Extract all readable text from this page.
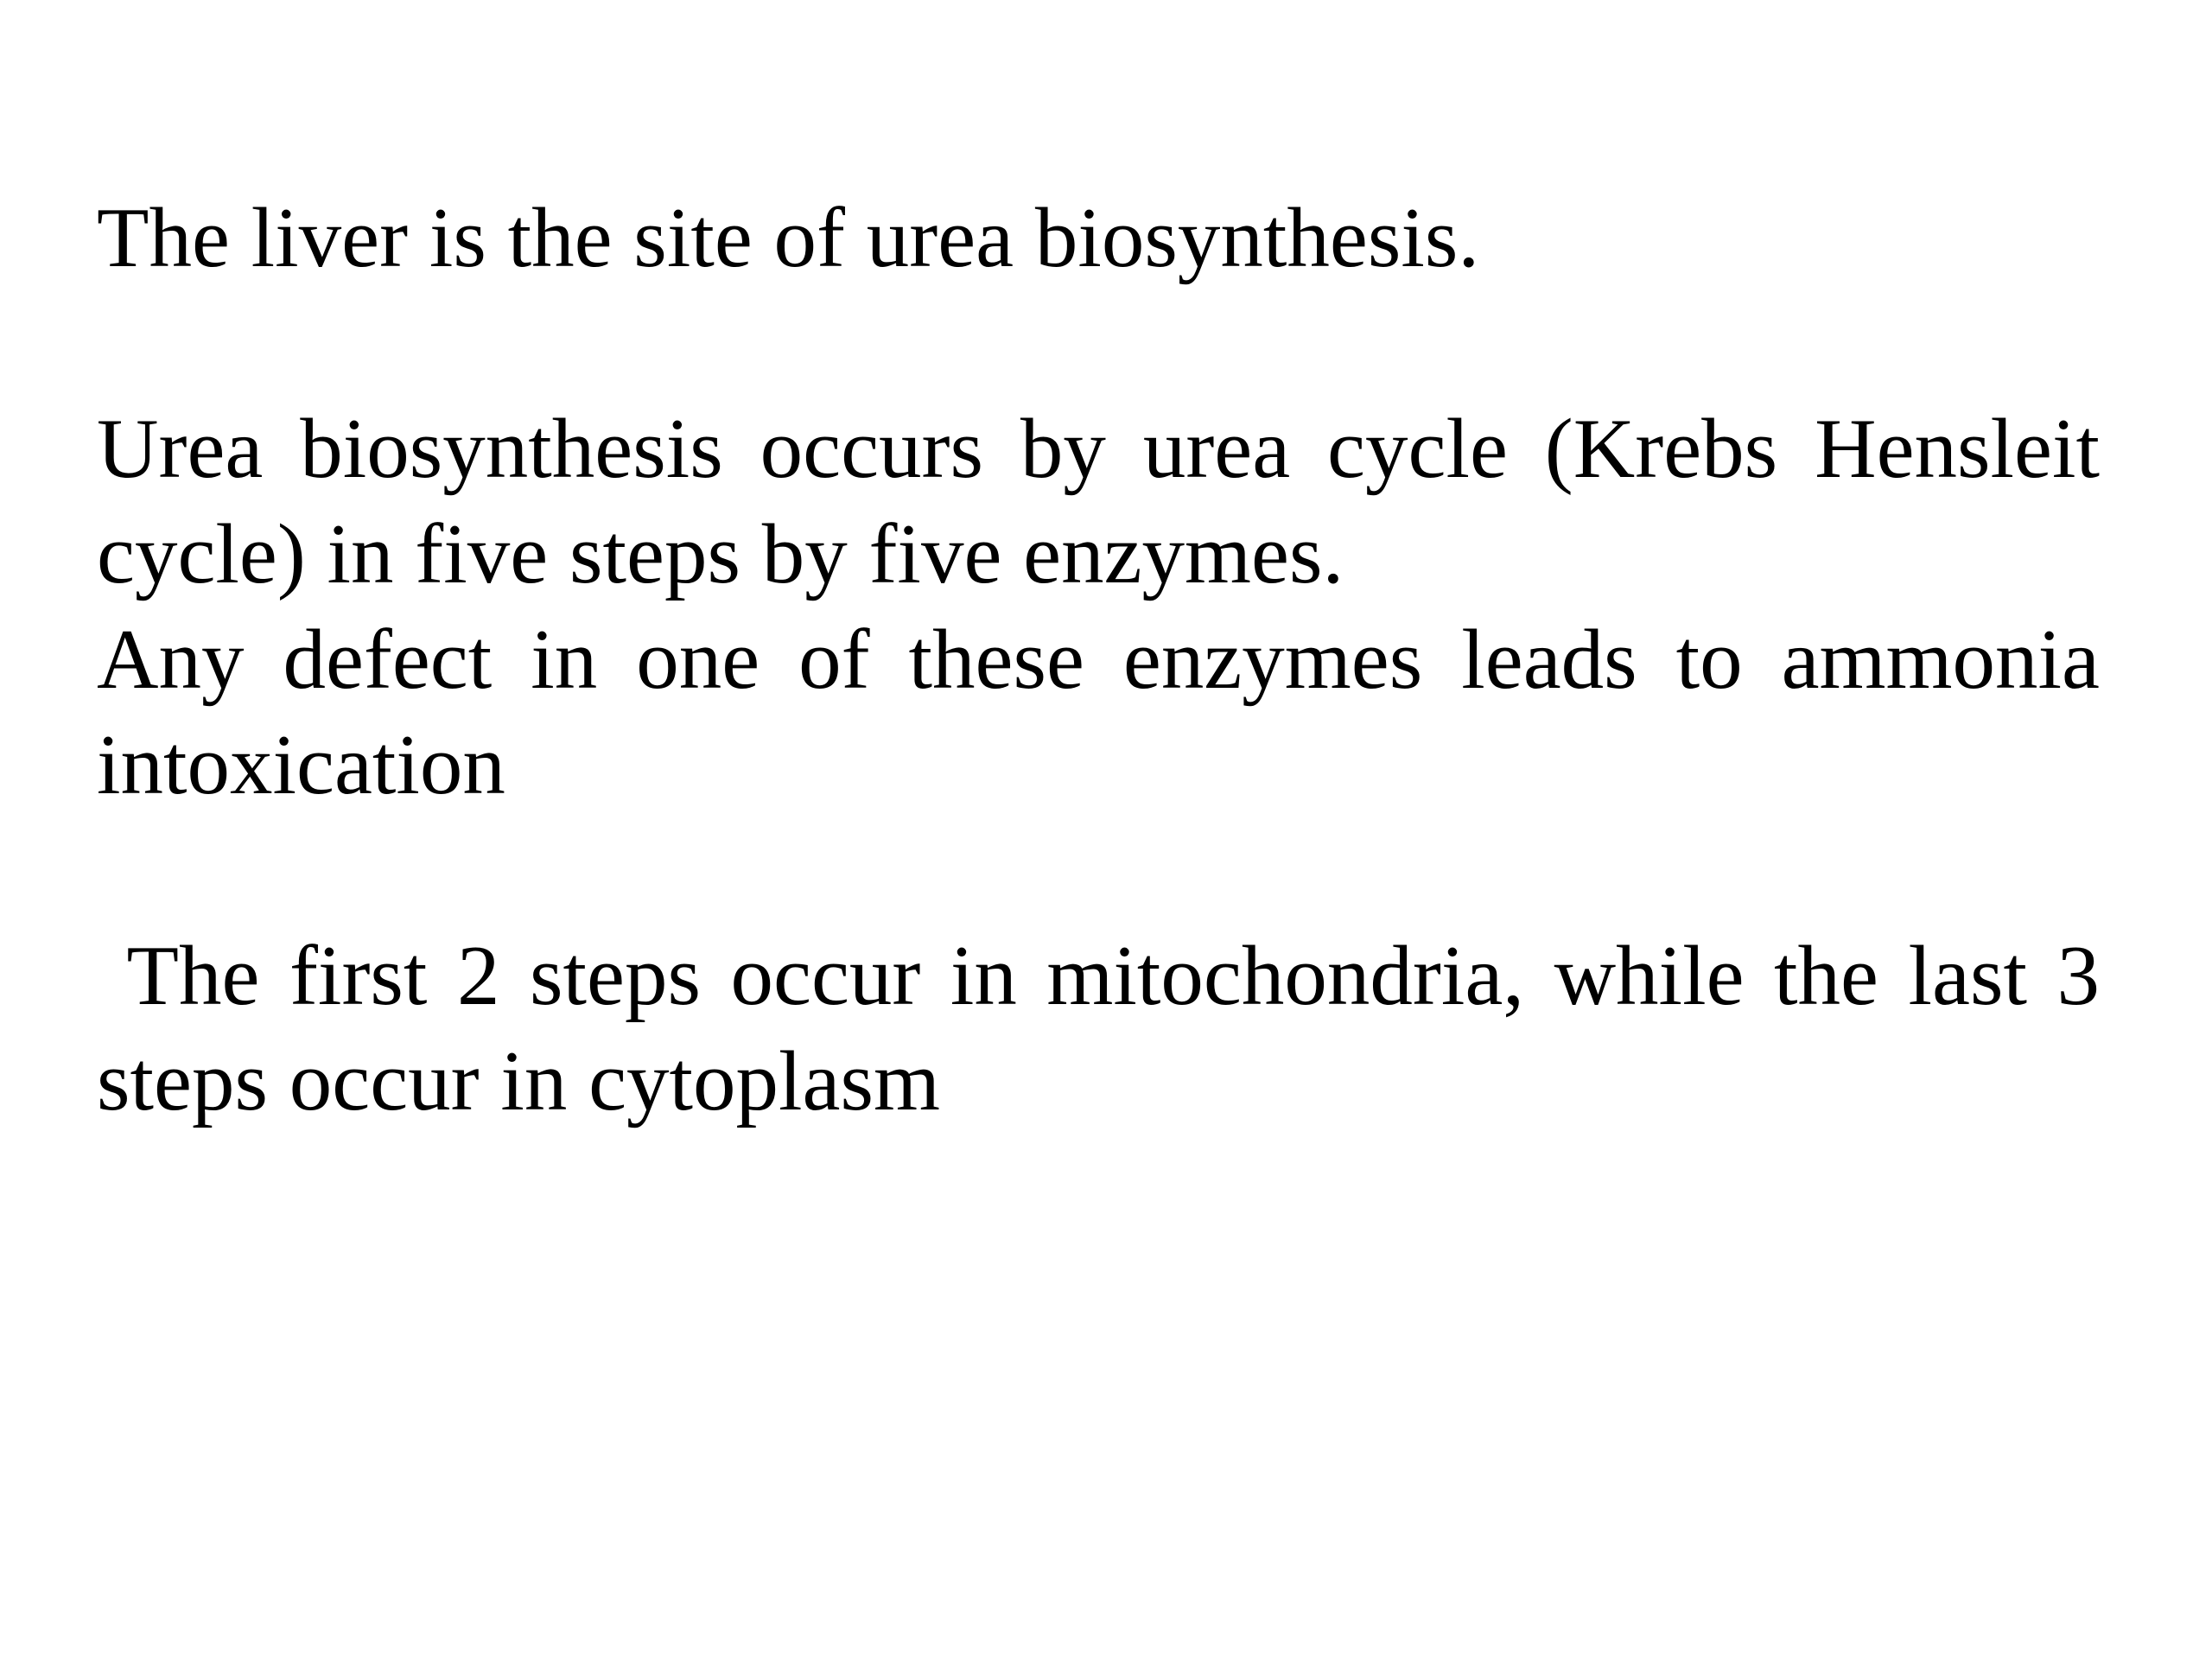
The liver is the site of urea biosynthesis.

Urea biosynthesis occurs by urea cycle (Krebs Hensleit cycle) in five steps by five enzymes.

Any defect in one of these enzymes leads to ammonia intoxication

The first 2 steps occur in mitochondria, while the last 3 steps occur in cytoplasm
